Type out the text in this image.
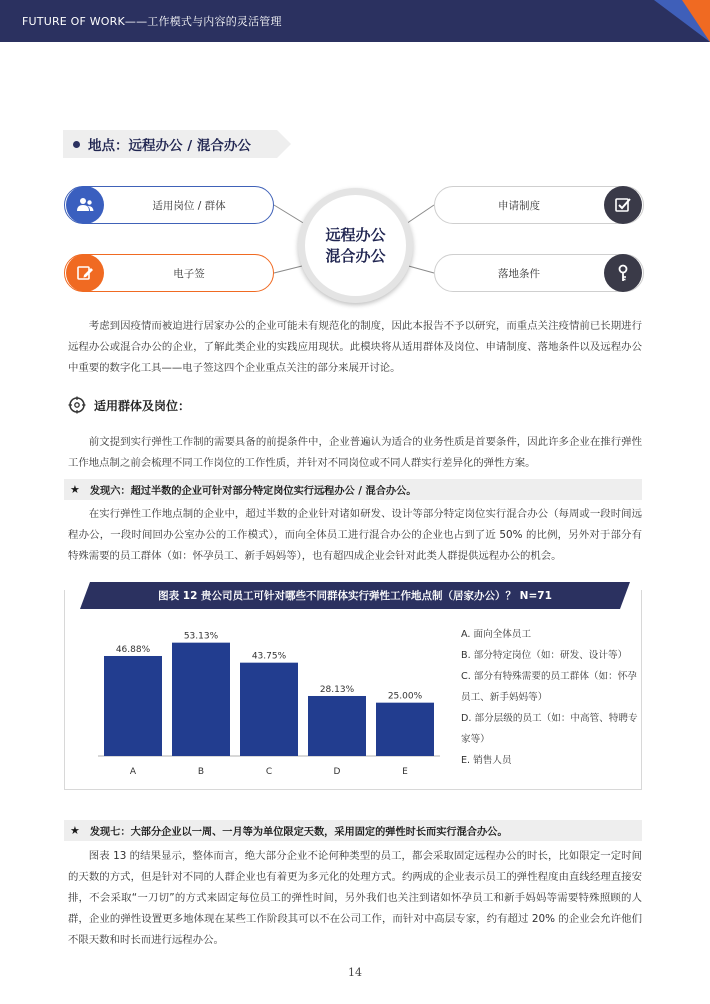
FUTURE OF WORK——工作模式与内容的灵活管理
地点：远程办公 / 混合办公
适用岗位 / 群体
电子签
申请制度
落地条件
远程办公
混合办公
考虑到因疫情而被迫进行居家办公的企业可能未有规范化的制度，因此本报告不予以研究，而重点关注疫情前已长期进行远程办公或混合办公的企业，了解此类企业的实践应用现状。此模块将从适用群体及岗位、申请制度、落地条件以及远程办公中重要的数字化工具——电子签这四个企业重点关注的部分来展开讨论。
适用群体及岗位：
前文提到实行弹性工作制的需要具备的前提条件中，企业普遍认为适合的业务性质是首要条件，因此许多企业在推行弹性工作地点制之前会梳理不同工作岗位的工作性质，并针对不同岗位或不同人群实行差异化的弹性方案。
★ 发现六：超过半数的企业可针对部分特定岗位实行远程办公 / 混合办公。
在实行弹性工作地点制的企业中，超过半数的企业针对诸如研发、设计等部分特定岗位实行混合办公（每周或一段时间远程办公，一段时间回办公室办公的工作模式），而向全体员工进行混合办公的企业也占到了近 50% 的比例，另外对于部分有特殊需要的员工群体（如：怀孕员工、新手妈妈等），也有超四成企业会针对此类人群提供远程办公的机会。
图表 12 贵公司员工可针对哪些不同群体实行弹性工作地点制（居家办公）？ N=71
46.88%
A
53.13%
B
43.75%
C
28.13%
D
25.00%
E
A. 面向全体员工
B. 部分特定岗位（如：研发、设计等）
C. 部分有特殊需要的员工群体（如：怀孕员工、新手妈妈等）
D. 部分层级的员工（如：中高管、特聘专家等）
E. 销售人员
★ 发现七：大部分企业以一周、一月等为单位限定天数，采用固定的弹性时长而实行混合办公。
图表 13 的结果显示，整体而言，绝大部分企业不论何种类型的员工，都会采取固定远程办公的时长，比如限定一定时间的天数的方式，但是针对不同的人群企业也有着更为多元化的处理方式。约两成的企业表示员工的弹性程度由直线经理直接安排，不会采取“一刀切”的方式来固定每位员工的弹性时间，另外我们也关注到诸如怀孕员工和新手妈妈等需要特殊照顾的人群，企业的弹性设置更多地体现在某些工作阶段其可以不在公司工作，而针对中高层专家，约有超过 20% 的企业会允许他们不限天数和时长而进行远程办公。
14
